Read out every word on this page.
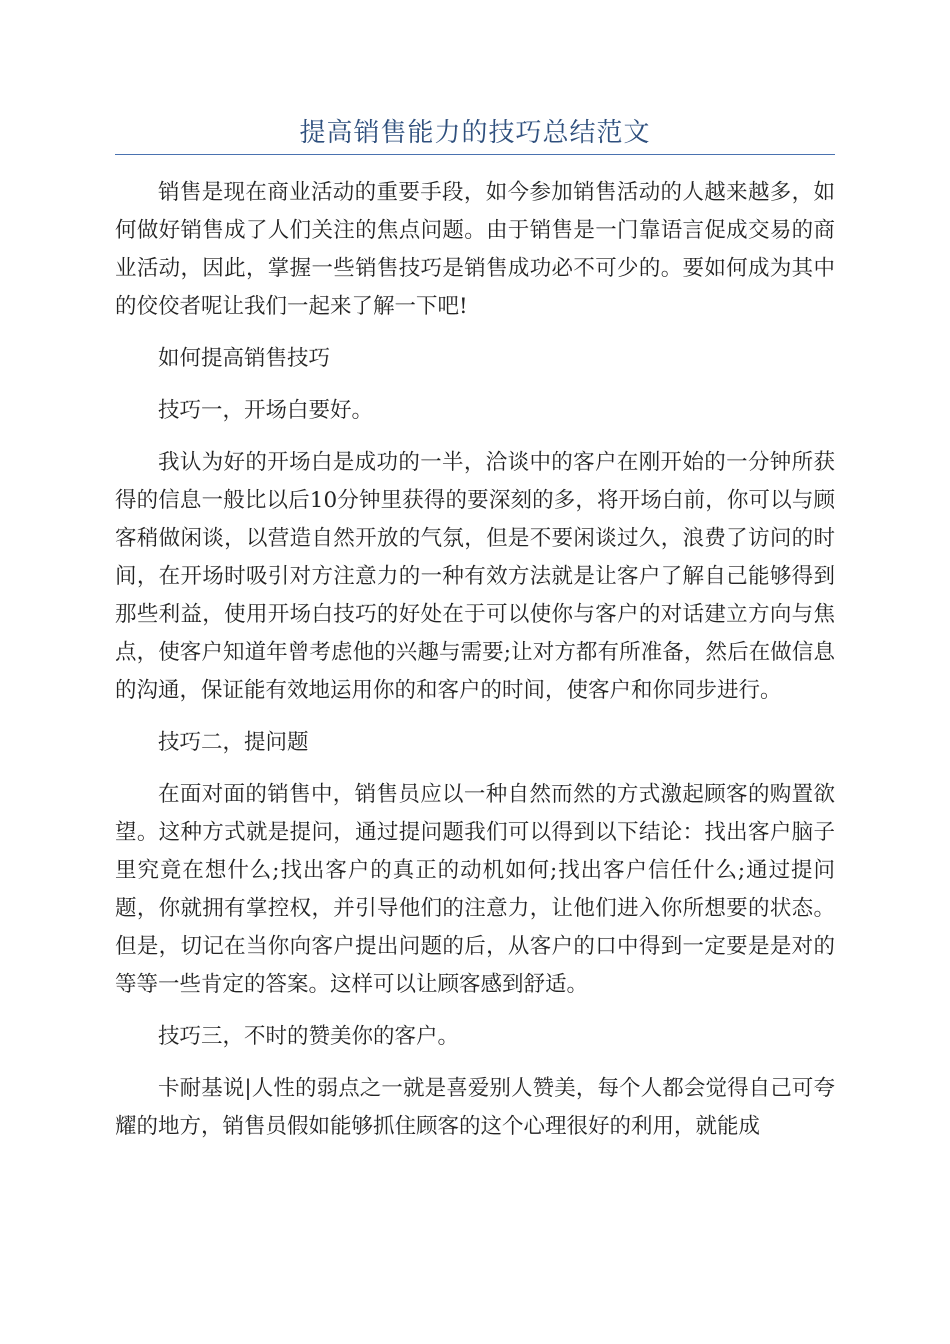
提高销售能力的技巧总结范文

销售是现在商业活动的重要手段，如今参加销售活动的人越来越多，如何做好销售成了人们关注的焦点问题。由于销售是一门靠语言促成交易的商业活动，因此，掌握一些销售技巧是销售成功必不可少的。要如何成为其中的佼佼者呢让我们一起来了解一下吧!

如何提高销售技巧

技巧一，开场白要好。

我认为好的开场白是成功的一半，洽谈中的客户在刚开始的一分钟所获得的信息一般比以后10分钟里获得的要深刻的多，将开场白前，你可以与顾客稍做闲谈，以营造自然开放的气氛，但是不要闲谈过久，浪费了访问的时间，在开场时吸引对方注意力的一种有效方法就是让客户了解自己能够得到那些利益，使用开场白技巧的好处在于可以使你与客户的对话建立方向与焦点，使客户知道年曾考虑他的兴趣与需要;让对方都有所准备，然后在做信息的沟通，保证能有效地运用你的和客户的时间，使客户和你同步进行。

技巧二，提问题

在面对面的销售中，销售员应以一种自然而然的方式激起顾客的购置欲望。这种方式就是提问，通过提问题我们可以得到以下结论：找出客户脑子里究竟在想什么;找出客户的真正的动机如何;找出客户信任什么;通过提问题，你就拥有掌控权，并引导他们的注意力，让他们进入你所想要的状态。但是，切记在当你向客户提出问题的后，从客户的口中得到一定要是是对的等等一些肯定的答案。这样可以让顾客感到舒适。

技巧三，不时的赞美你的客户。

卡耐基说|人性的弱点之一就是喜爱别人赞美，每个人都会觉得自己可夸耀的地方，销售员假如能够抓住顾客的这个心理很好的利用，就能成
